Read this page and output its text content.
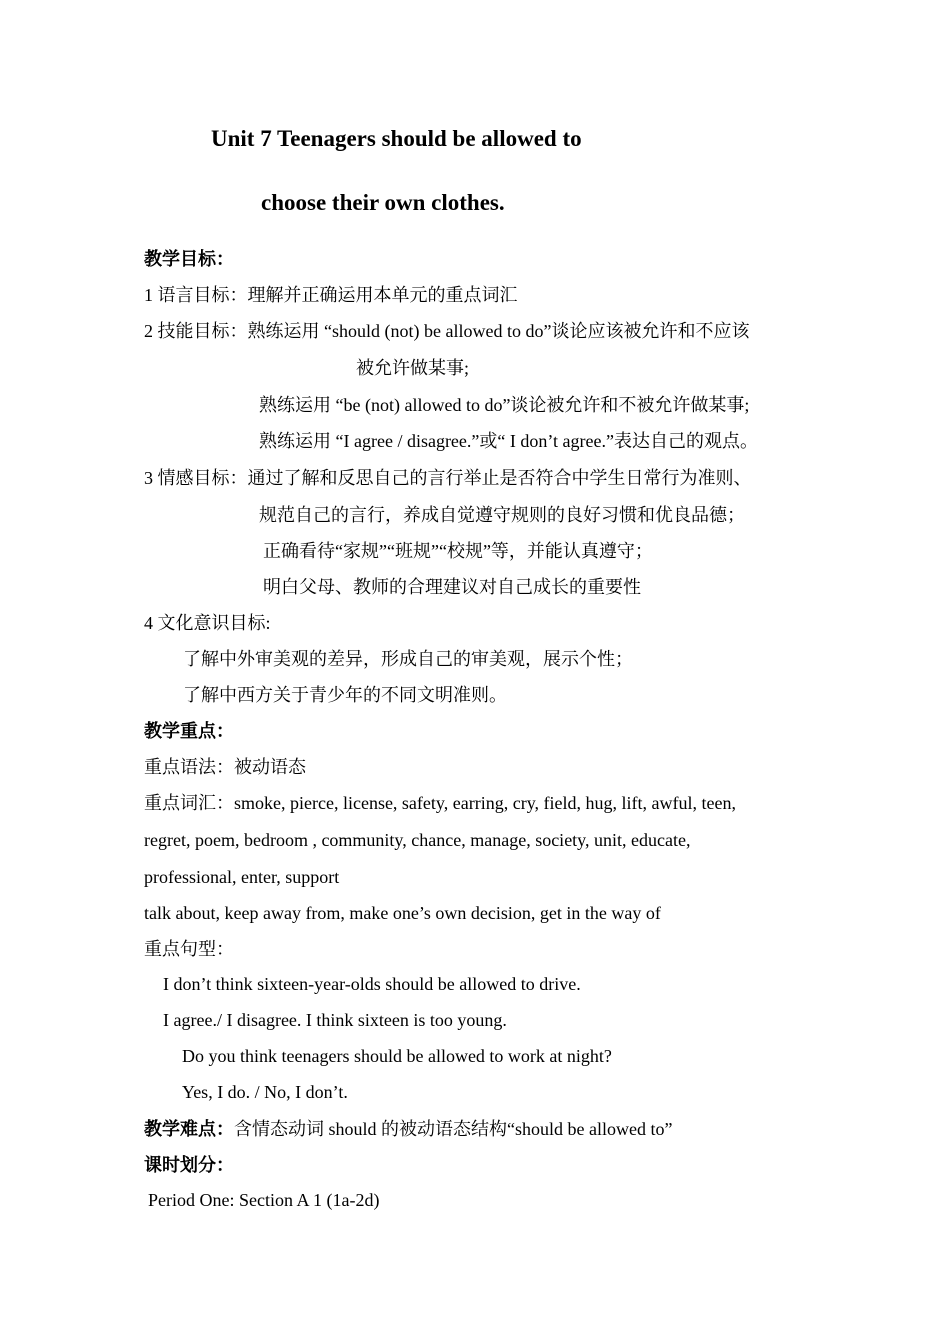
Unit 7 Teenagers should be allowed to
choose their own clothes.
教学目标：
1 语言目标：理解并正确运用本单元的重点词汇
2 技能目标：熟练运用 “should (not) be allowed to do”谈论应该被允许和不应该
被允许做某事;
熟练运用 “be (not) allowed to do”谈论被允许和不被允许做某事;
熟练运用 “I agree / disagree.”或“ I don’t agree.”表达自己的观点。
3 情感目标：通过了解和反思自己的言行举止是否符合中学生日常行为准则、
规范自己的言行，养成自觉遵守规则的良好习惯和优良品德；
正确看待“家规”“班规”“校规”等，并能认真遵守；
明白父母、教师的合理建议对自己成长的重要性
4 文化意识目标:
了解中外审美观的差异，形成自己的审美观，展示个性；
了解中西方关于青少年的不同文明准则。
教学重点：
重点语法：被动语态
重点词汇：smoke, pierce, license, safety, earring, cry, field, hug, lift, awful, teen,
regret, poem, bedroom , community, chance, manage, society, unit, educate,
professional, enter, support
talk about, keep away from, make one’s own decision, get in the way of
重点句型：
I don’t think sixteen-year-olds should be allowed to drive.
I agree./ I disagree. I think sixteen is too young.
Do you think teenagers should be allowed to work at night?
Yes, I do. / No, I don’t.
教学难点：含情态动词 should 的被动语态结构“should be allowed to”
课时划分：
Period One: Section A 1 (1a-2d)
